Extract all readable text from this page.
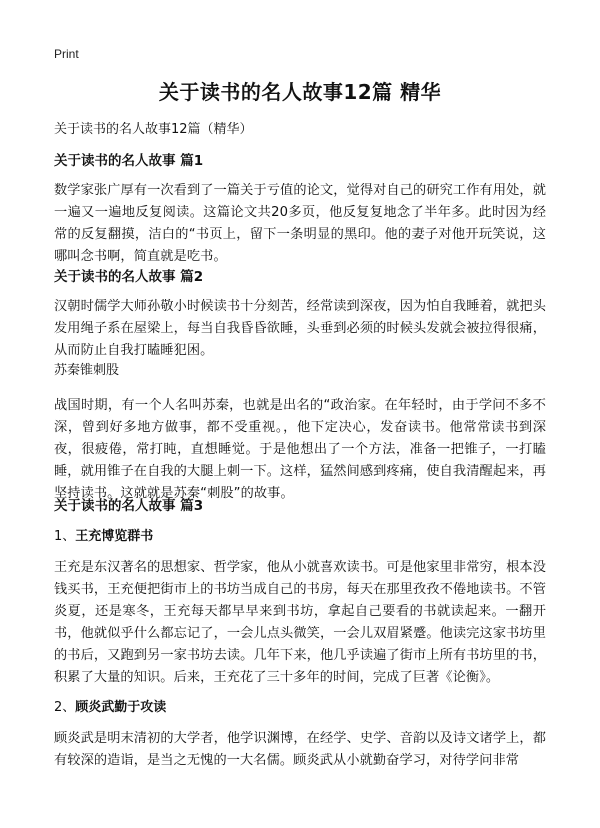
Print
关于读书的名人故事12篇 精华

关于读书的名人故事12篇（精华）

关于读书的名人故事 篇1

数学家张广厚有一次看到了一篇关于亏值的论文，觉得对自己的研究工作有用处，就一遍又一遍地反复阅读。这篇论文共20多页，他反复复地念了半年多。此时因为经常的反复翻摸，洁白的“书页上，留下一条明显的黑印。他的妻子对他开玩笑说，这哪叫念书啊，简直就是吃书。

关于读书的名人故事 篇2

汉朝时儒学大师孙敬小时候读书十分刻苦，经常读到深夜，因为怕自我睡着，就把头发用绳子系在屋梁上，每当自我昏昏欲睡，头垂到必须的时候头发就会被拉得很痛，从而防止自我打瞌睡犯困。

苏秦锥刺股

战国时期，有一个人名叫苏秦，也就是出名的“政治家。在年轻时，由于学问不多不深，曾到好多地方做事，都不受重视。，他下定决心，发奋读书。他常常读书到深夜，很疲倦，常打盹，直想睡觉。于是他想出了一个方法，准备一把锥子，一打瞌睡，就用锥子在自我的大腿上刺一下。这样，猛然间感到疼痛，使自我清醒起来，再坚持读书。这就就是苏秦“刺股”的故事。

关于读书的名人故事 篇3

1、王充博览群书

王充是东汉著名的思想家、哲学家，他从小就喜欢读书。可是他家里非常穷，根本没钱买书，王充便把街市上的书坊当成自己的书房，每天在那里孜孜不倦地读书。不管炎夏，还是寒冬，王充每天都早早来到书坊，拿起自己要看的书就读起来。一翻开书，他就似乎什么都忘记了，一会儿点头微笑，一会儿双眉紧蹙。他读完这家书坊里的书后，又跑到另一家书坊去读。几年下来，他几乎读遍了街市上所有书坊里的书，积累了大量的知识。后来，王充花了三十多年的时间，完成了巨著《论衡》。

2、顾炎武勤于攻读

顾炎武是明末清初的大学者，他学识渊博，在经学、史学、音韵以及诗文诸学上，都有较深的造诣，是当之无愧的一大名儒。顾炎武从小就勤奋学习，对待学问非常
